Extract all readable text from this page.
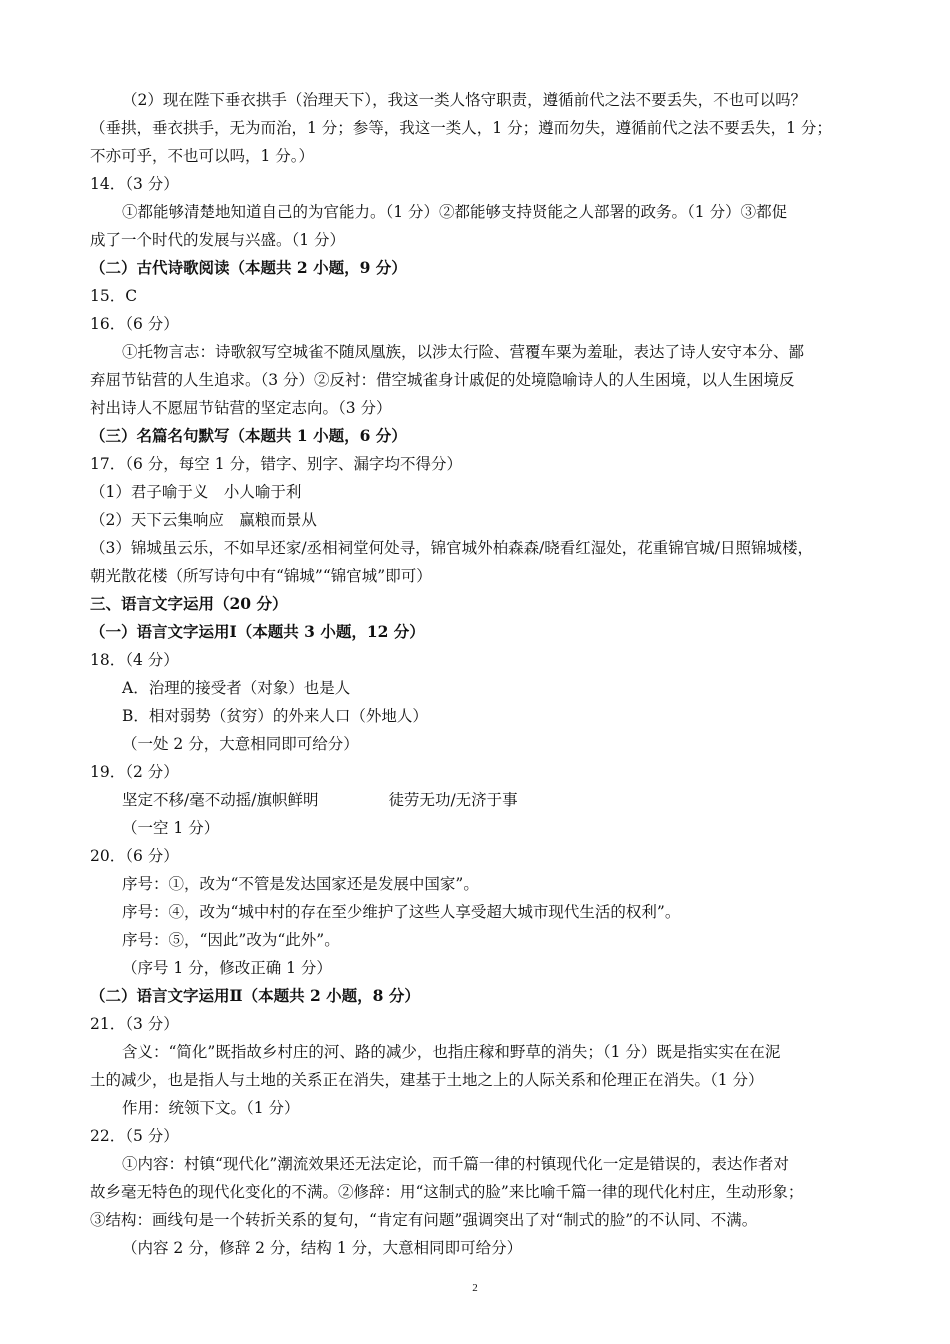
（2）现在陛下垂衣拱手（治理天下），我这一类人恪守职责，遵循前代之法不要丢失，不也可以吗？
（垂拱，垂衣拱手，无为而治，1 分；参等，我这一类人，1 分；遵而勿失，遵循前代之法不要丢失，1 分；
不亦可乎，不也可以吗，1 分。）
14．（3 分）
①都能够清楚地知道自己的为官能力。（1 分）②都能够支持贤能之人部署的政务。（1 分）③都促
成了一个时代的发展与兴盛。（1 分）
（二）古代诗歌阅读（本题共 2 小题，9 分）
15．C
16．（6 分）
①托物言志：诗歌叙写空城雀不随凤凰族，以涉太行险、营覆车粟为羞耻，表达了诗人安守本分、鄙
弃屈节钻营的人生追求。（3 分）②反衬：借空城雀身计戚促的处境隐喻诗人的人生困境，以人生困境反
衬出诗人不愿屈节钻营的坚定志向。（3 分）
（三）名篇名句默写（本题共 1 小题，6 分）
17．（6 分，每空 1 分，错字、别字、漏字均不得分）
（1）君子喻于义　小人喻于利
（2）天下云集响应　赢粮而景从
（3）锦城虽云乐，不如早还家/丞相祠堂何处寻，锦官城外柏森森/晓看红湿处，花重锦官城/日照锦城楼，
朝光散花楼（所写诗句中有“锦城”“锦官城”即可）
三、语言文字运用（20 分）
（一）语言文字运用Ⅰ（本题共 3 小题，12 分）
18．（4 分）
A．治理的接受者（对象）也是人
B．相对弱势（贫穷）的外来人口（外地人）
（一处 2 分，大意相同即可给分）
19．（2 分）
坚定不移/毫不动摇/旗帜鲜明	徒劳无功/无济于事
（一空 1 分）
20．（6 分）
序号：①，改为“不管是发达国家还是发展中国家”。
序号：④，改为“城中村的存在至少维护了这些人享受超大城市现代生活的权利”。
序号：⑤，“因此”改为“此外”。
（序号 1 分，修改正确 1 分）
（二）语言文字运用Ⅱ（本题共 2 小题，8 分）
21．（3 分）
含义：“简化”既指故乡村庄的河、路的减少，也指庄稼和野草的消失；（1 分）既是指实实在在泥
土的减少，也是指人与土地的关系正在消失，建基于土地之上的人际关系和伦理正在消失。（1 分）
作用：统领下文。（1 分）
22．（5 分）
①内容：村镇“现代化”潮流效果还无法定论，而千篇一律的村镇现代化一定是错误的，表达作者对
故乡毫无特色的现代化变化的不满。②修辞：用“这制式的脸”来比喻千篇一律的现代化村庄，生动形象；
③结构：画线句是一个转折关系的复句，“肯定有问题”强调突出了对“制式的脸”的不认同、不满。
（内容 2 分，修辞 2 分，结构 1 分，大意相同即可给分）
2
